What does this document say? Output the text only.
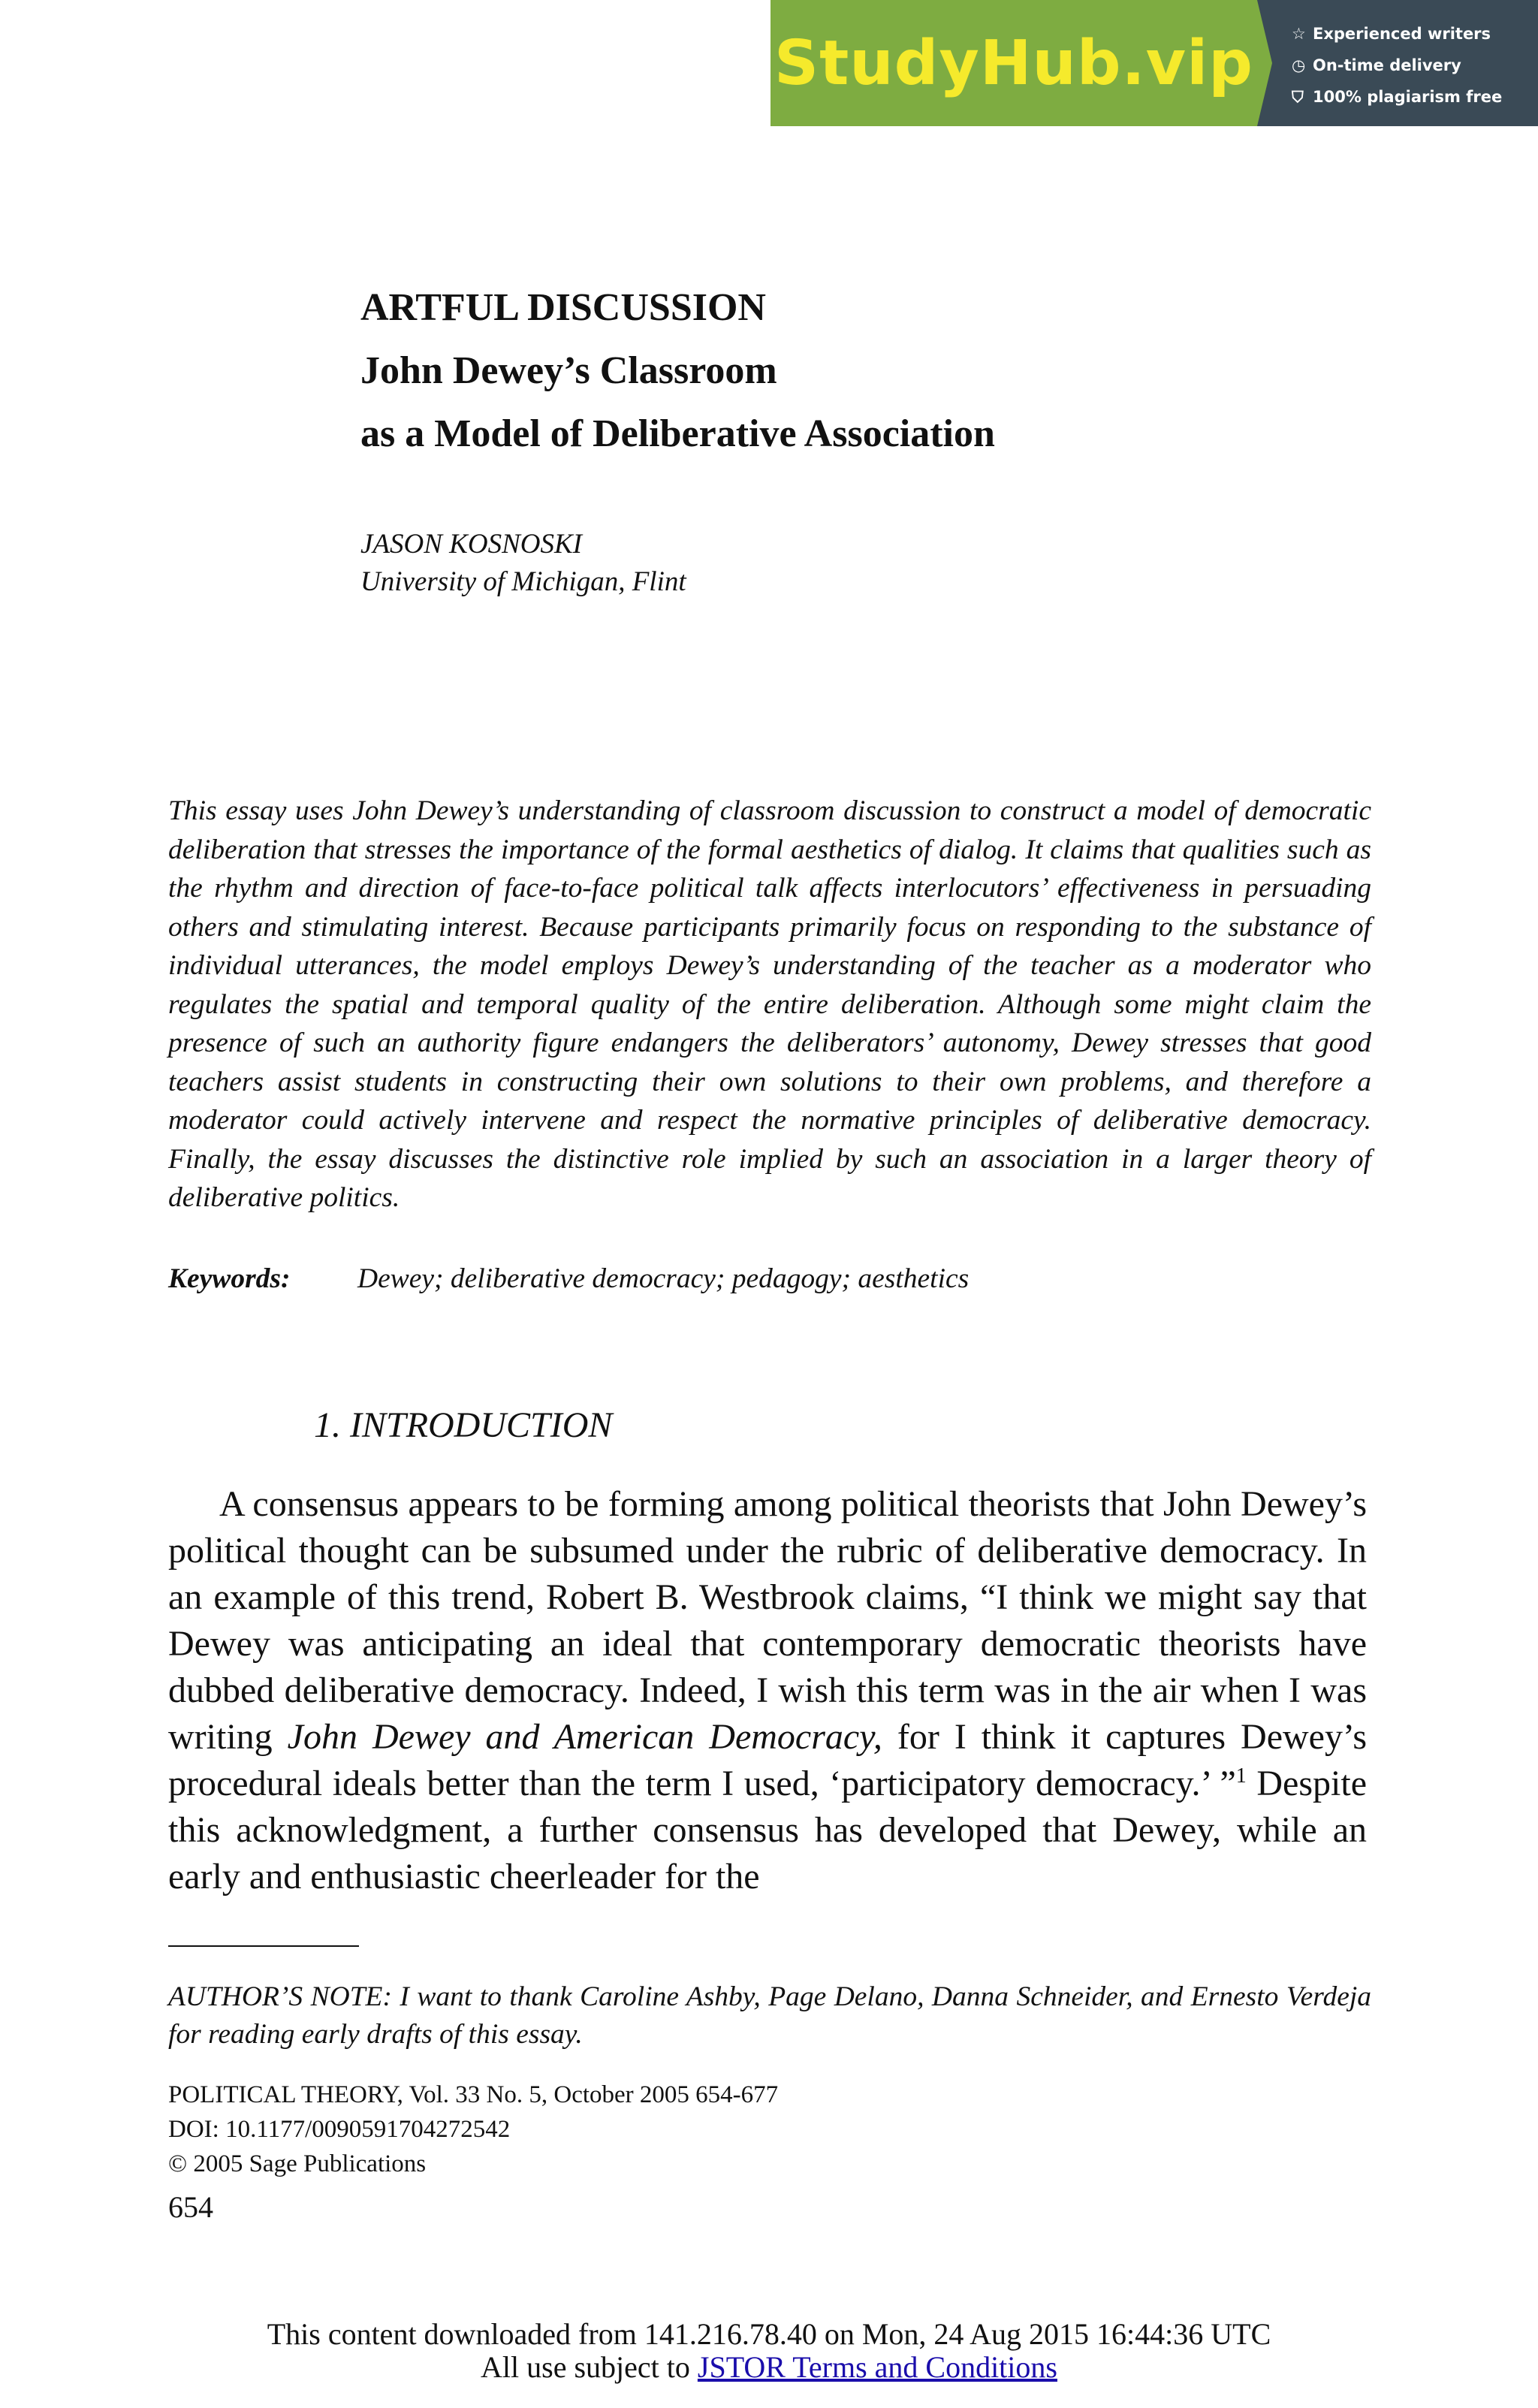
StudyHub.vip ☆ Experienced writers
◷ On-time delivery
⛉ 100% plagiarism free
ARTFUL DISCUSSION
John Dewey’s Classroom
as a Model of Deliberative Association
JASON KOSNOSKI
University of Michigan, Flint
This essay uses John Dewey’s understanding of classroom discussion to construct a model of democratic deliberation that stresses the importance of the formal aesthetics of dialog. It claims that qualities such as the rhythm and direction of face-to-face political talk affects interlocutors’ effectiveness in persuading others and stimulating interest. Because participants primarily focus on responding to the substance of individual utterances, the model employs Dewey’s understanding of the teacher as a moderator who regulates the spatial and temporal quality of the entire deliberation. Although some might claim the presence of such an authority figure endangers the deliberators’ autonomy, Dewey stresses that good teachers assist students in constructing their own solutions to their own problems, and therefore a moderator could actively intervene and respect the normative principles of deliberative democracy. Finally, the essay discusses the distinctive role implied by such an association in a larger theory of deliberative politics.
Keywords: Dewey; deliberative democracy; pedagogy; aesthetics
1. INTRODUCTION

A consensus appears to be forming among political theorists that John Dewey’s political thought can be subsumed under the rubric of deliberative democracy. In an example of this trend, Robert B. Westbrook claims, “I think we might say that Dewey was anticipating an ideal that contemporary democratic theorists have dubbed deliberative democracy. Indeed, I wish this term was in the air when I was writing John Dewey and American Democracy, for I think it captures Dewey’s procedural ideals better than the term I used, ‘participatory democracy.’ ”$^1$ Despite this acknowledgment, a further consensus has developed that Dewey, while an early and enthusiastic cheerleader for the

AUTHOR’S NOTE: I want to thank Caroline Ashby, Page Delano, Danna Schneider, and Ernesto Verdeja for reading early drafts of this essay.
POLITICAL THEORY, Vol. 33 No. 5, October 2005 654-677
DOI: 10.1177/0090591704272542
© 2005 Sage Publications
654
This content downloaded from 141.216.78.40 on Mon, 24 Aug 2015 16:44:36 UTC
All use subject to JSTOR Terms and Conditions
